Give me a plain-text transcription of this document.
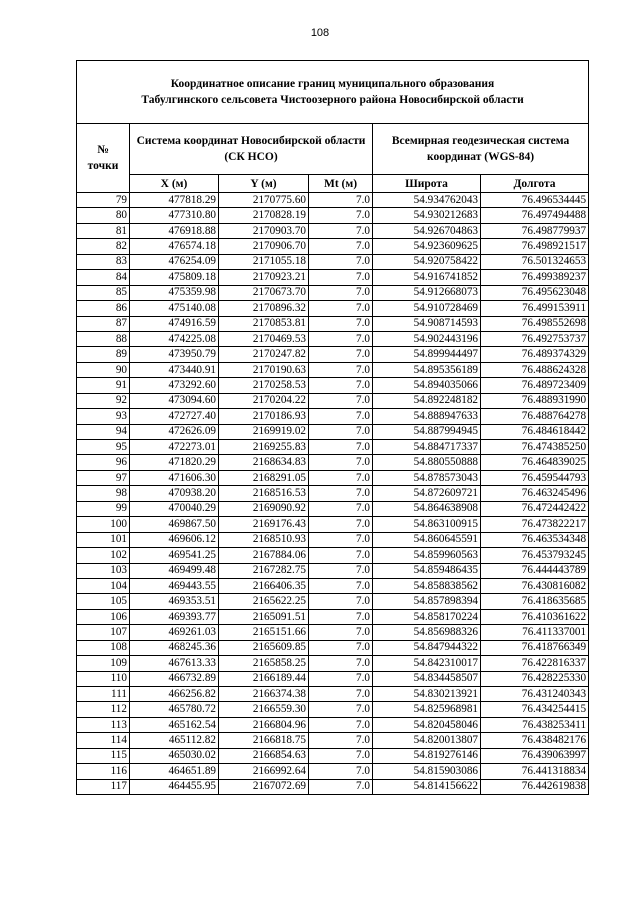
108
Координатное описание границ муниципального образования
Табулгинского сельсовета Чистоозерного района Новосибирской области					

№ точки	Система координат Новосибирской области (СК НСО)			Всемирная геодезическая система координат (WGS-84)	
	X (м)	Y (м)	Mt (м)	Широта	Долгота
79	477818.29	2170775.60	7.0	54.934762043	76.496534445
80	477310.80	2170828.19	7.0	54.930212683	76.497494488
81	476918.88	2170903.70	7.0	54.926704863	76.498779937
82	476574.18	2170906.70	7.0	54.923609625	76.498921517
83	476254.09	2171055.18	7.0	54.920758422	76.501324653
84	475809.18	2170923.21	7.0	54.916741852	76.499389237
85	475359.98	2170673.70	7.0	54.912668073	76.495623048
86	475140.08	2170896.32	7.0	54.910728469	76.499153911
87	474916.59	2170853.81	7.0	54.908714593	76.498552698
88	474225.08	2170469.53	7.0	54.902443196	76.492753737
89	473950.79	2170247.82	7.0	54.899944497	76.489374329
90	473440.91	2170190.63	7.0	54.895356189	76.488624328
91	473292.60	2170258.53	7.0	54.894035066	76.489723409
92	473094.60	2170204.22	7.0	54.892248182	76.488931990
93	472727.40	2170186.93	7.0	54.888947633	76.488764278
94	472626.09	2169919.02	7.0	54.887994945	76.484618442
95	472273.01	2169255.83	7.0	54.884717337	76.474385250
96	471820.29	2168634.83	7.0	54.880550888	76.464839025
97	471606.30	2168291.05	7.0	54.878573043	76.459544793
98	470938.20	2168516.53	7.0	54.872609721	76.463245496
99	470040.29	2169090.92	7.0	54.864638908	76.472442422
100	469867.50	2169176.43	7.0	54.863100915	76.473822217
101	469606.12	2168510.93	7.0	54.860645591	76.463534348
102	469541.25	2167884.06	7.0	54.859960563	76.453793245
103	469499.48	2167282.75	7.0	54.859486435	76.444443789
104	469443.55	2166406.35	7.0	54.858838562	76.430816082
105	469353.51	2165622.25	7.0	54.857898394	76.418635685
106	469393.77	2165091.51	7.0	54.858170224	76.410361622
107	469261.03	2165151.66	7.0	54.856988326	76.411337001
108	468245.36	2165609.85	7.0	54.847944322	76.418766349
109	467613.33	2165858.25	7.0	54.842310017	76.422816337
110	466732.89	2166189.44	7.0	54.834458507	76.428225330
111	466256.82	2166374.38	7.0	54.830213921	76.431240343
112	465780.72	2166559.30	7.0	54.825968981	76.434254415
113	465162.54	2166804.96	7.0	54.820458046	76.438253411
114	465112.82	2166818.75	7.0	54.820013807	76.438482176
115	465030.02	2166854.63	7.0	54.819276146	76.439063997
116	464651.89	2166992.64	7.0	54.815903086	76.441318834
117	464455.95	2167072.69	7.0	54.814156622	76.442619838
